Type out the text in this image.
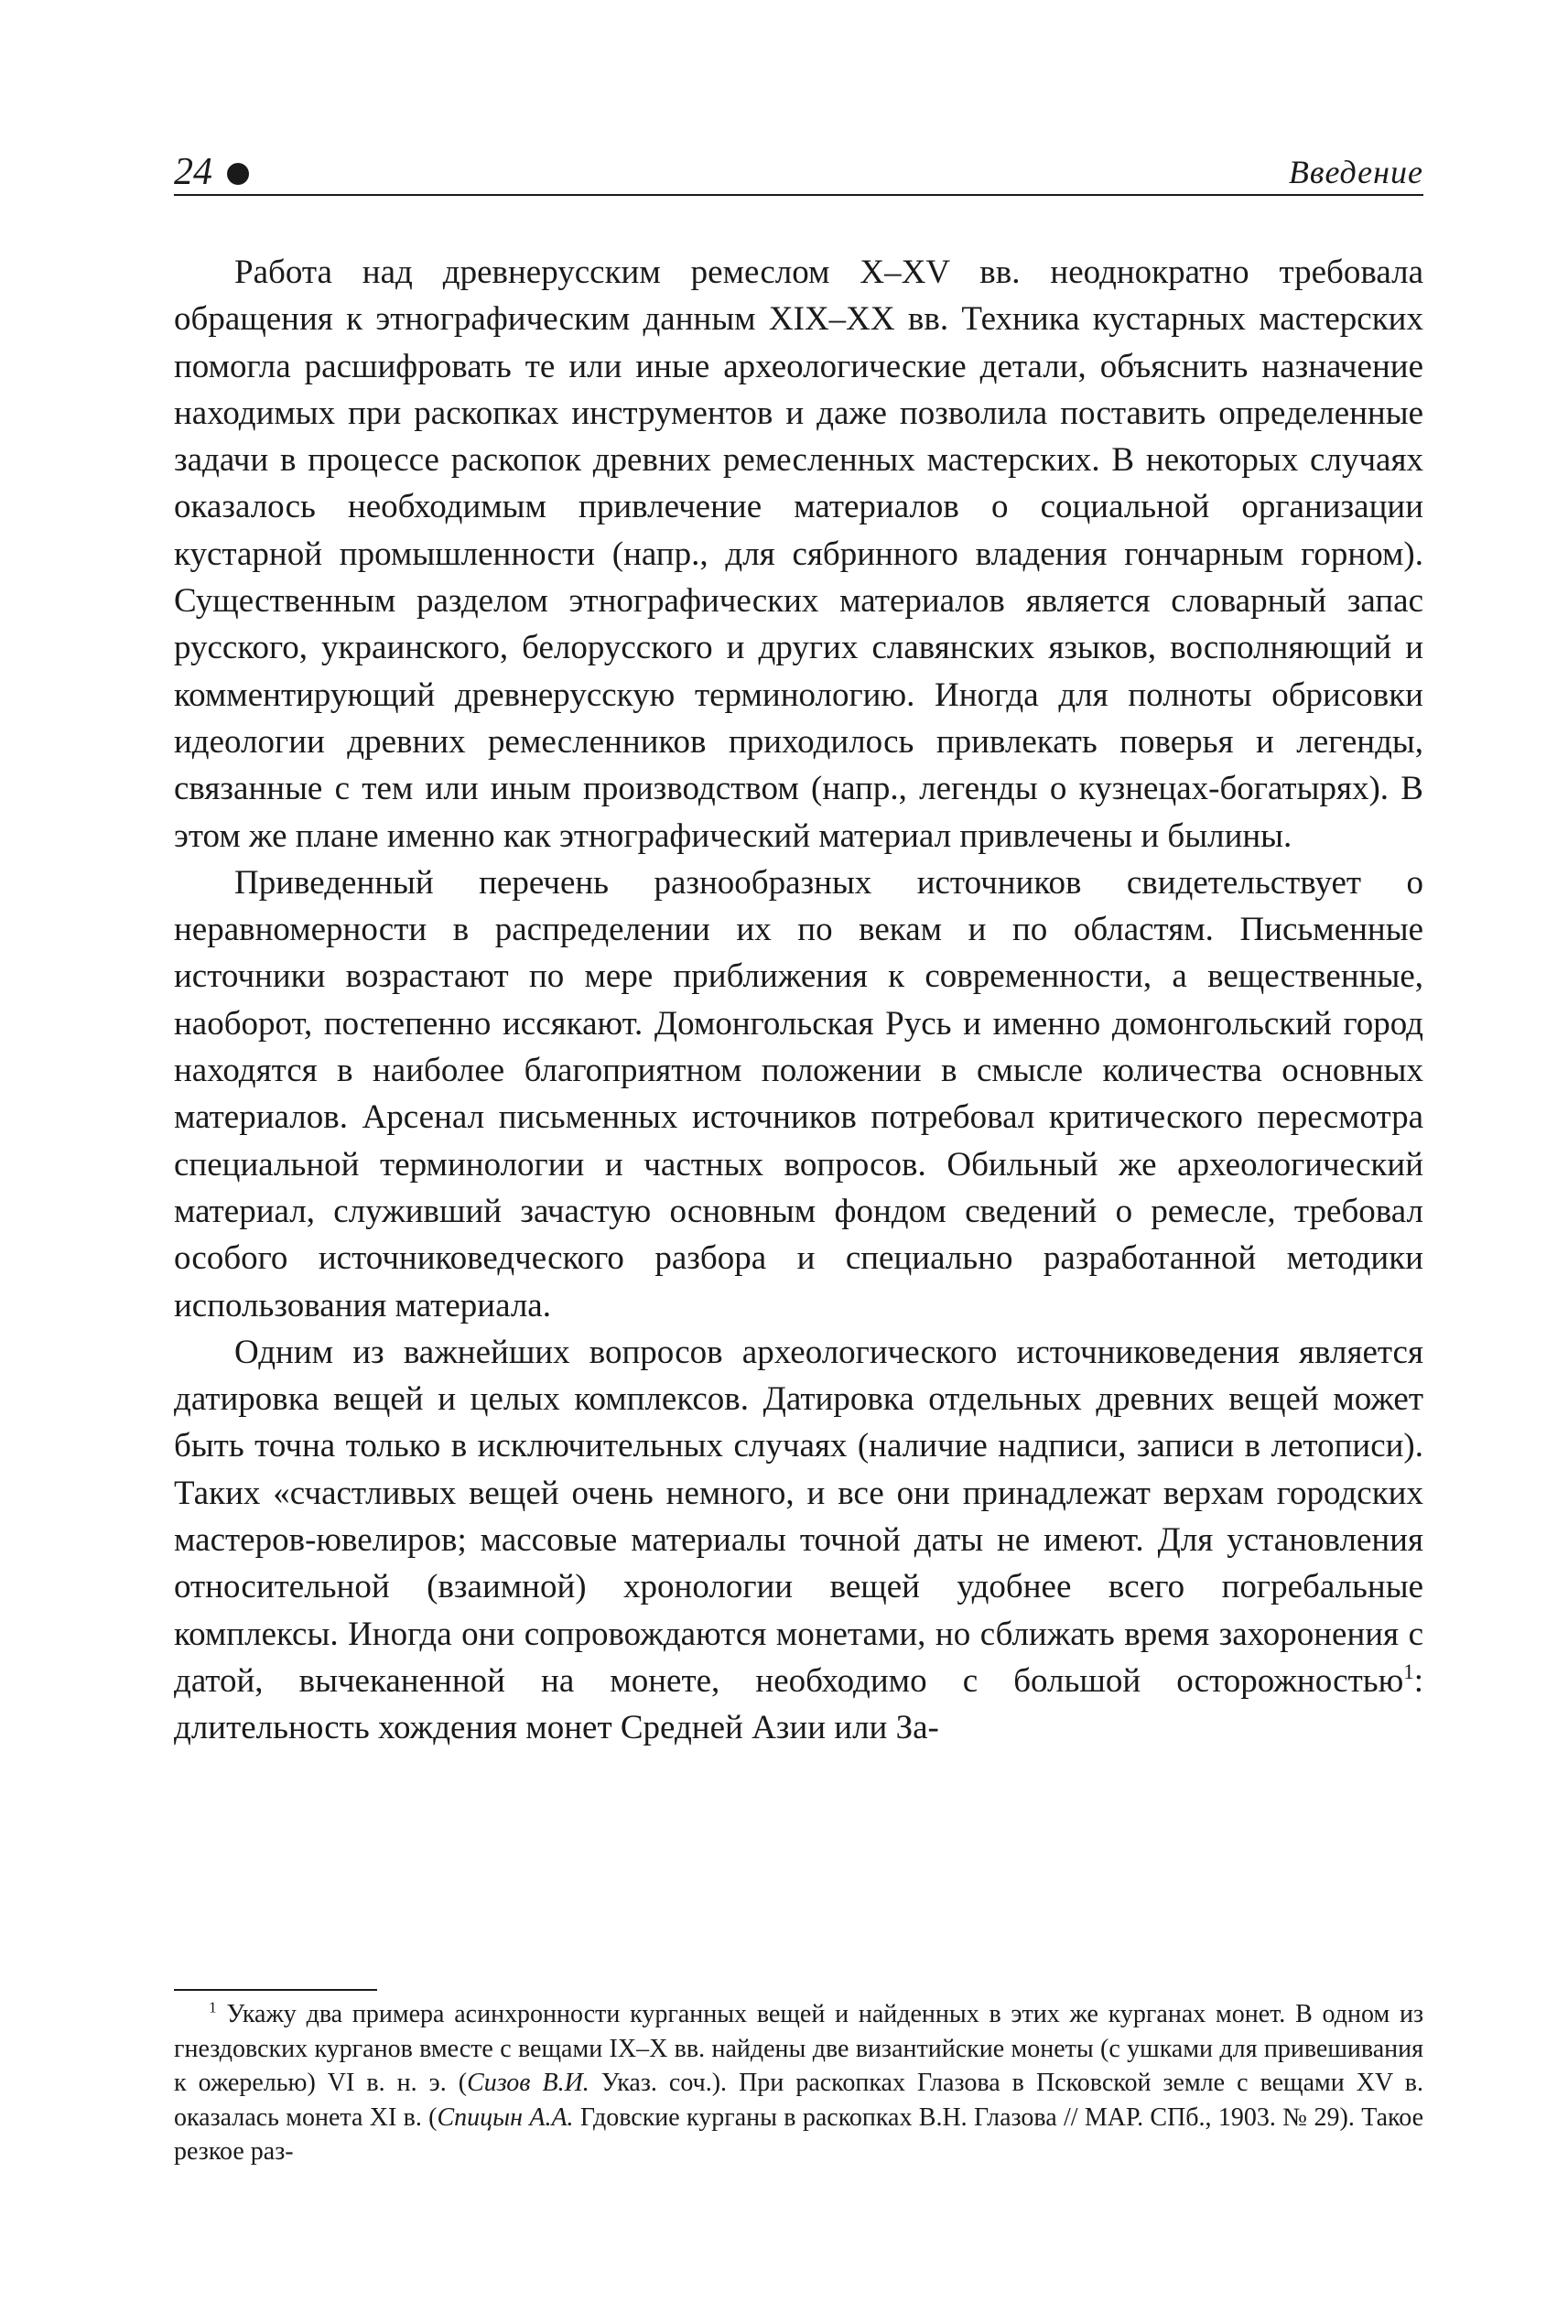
24	Введение

Работа над древнерусским ремеслом X–XV вв. неоднократно требовала обращения к этнографическим данным XIX–XX вв. Техника кустарных мастерских помогла расшифровать те или иные археологические детали, объяснить назначение находимых при раскопках инструментов и даже позволила поставить определенные задачи в процессе раскопок древних ремесленных мастерских. В некоторых случаях оказалось необходимым привлечение материалов о социальной организации кустарной промышленности (напр., для сябринного владения гончарным горном). Существенным разделом этнографических материалов является словарный запас русского, украинского, белорусского и других славянских языков, восполняющий и комментирующий древнерусскую терминологию. Иногда для полноты обрисовки идеологии древних ремесленников приходилось привлекать поверья и легенды, связанные с тем или иным производством (напр., легенды о кузнецах-богатырях). В этом же плане именно как этнографический материал привлечены и былины.

Приведенный перечень разнообразных источников свидетельствует о неравномерности в распределении их по векам и по областям. Письменные источники возрастают по мере приближения к современности, а вещественные, наоборот, постепенно иссякают. Домонгольская Русь и именно домонгольский город находятся в наиболее благоприятном положении в смысле количества основных материалов. Арсенал письменных источников потребовал критического пересмотра специальной терминологии и частных вопросов. Обильный же археологический материал, служивший зачастую основным фондом сведений о ремесле, требовал особого источниковедческого разбора и специально разработанной методики использования материала.

Одним из важнейших вопросов археологического источниковедения является датировка вещей и целых комплексов. Датировка отдельных древних вещей может быть точна только в исключительных случаях (наличие надписи, записи в летописи). Таких «счастливых вещей очень немного, и все они принадлежат верхам городских мастеров-ювелиров; массовые материалы точной даты не имеют. Для установления относительной (взаимной) хронологии вещей удобнее всего погребальные комплексы. Иногда они сопровождаются монетами, но сближать время захоронения с датой, вычеканенной на монете, необходимо с большой осторожностью$^1$: длительность хождения монет Средней Азии или За-

$^1$ Укажу два примера асинхронности курганных вещей и найденных в этих же курганах монет. В одном из гнездовских курганов вместе с вещами IX–X вв. найдены две византийские монеты (с ушками для привешивания к ожерелью) VI в. н. э. (Сизов В.И. Указ. соч.). При раскопках Глазова в Псковской земле с вещами XV в. оказалась монета XI в. (Спицын А.А. Гдовские курганы в раскопках В.Н. Глазова // МАР. СПб., 1903. № 29). Такое резкое раз-
